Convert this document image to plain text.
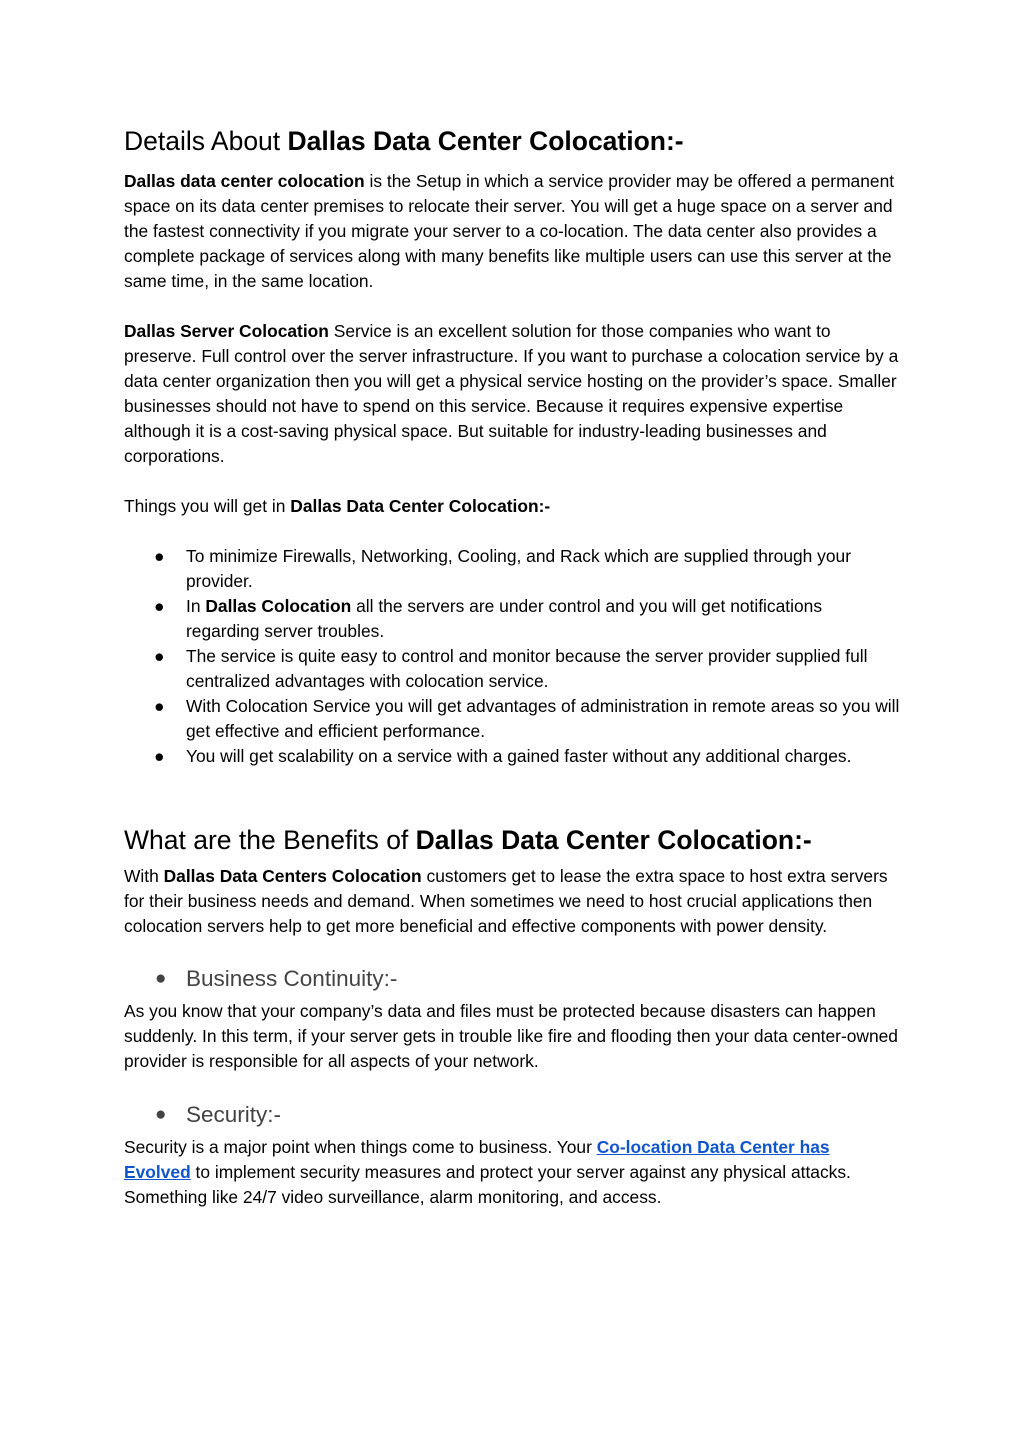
Details About Dallas Data Center Colocation:-

Dallas data center colocation is the Setup in which a service provider may be offered a permanent space on its data center premises to relocate their server. You will get a huge space on a server and the fastest connectivity if you migrate your server to a co-location. The data center also provides a complete package of services along with many benefits like multiple users can use this server at the same time, in the same location.

Dallas Server Colocation Service is an excellent solution for those companies who want to preserve. Full control over the server infrastructure. If you want to purchase a colocation service by a data center organization then you will get a physical service hosting on the provider’s space. Smaller businesses should not have to spend on this service. Because it requires expensive expertise although it is a cost-saving physical space. But suitable for industry-leading businesses and corporations.

Things you will get in Dallas Data Center Colocation:-

● To minimize Firewalls, Networking, Cooling, and Rack which are supplied through your provider.
● In Dallas Colocation all the servers are under control and you will get notifications regarding server troubles.
● The service is quite easy to control and monitor because the server provider supplied full centralized advantages with colocation service.
● With Colocation Service you will get advantages of administration in remote areas so you will get effective and efficient performance.
● You will get scalability on a service with a gained faster without any additional charges.
What are the Benefits of Dallas Data Center Colocation:-

With Dallas Data Centers Colocation customers get to lease the extra space to host extra servers for their business needs and demand. When sometimes we need to host crucial applications then colocation servers help to get more beneficial and effective components with power density.

● Business Continuity:-

As you know that your company’s data and files must be protected because disasters can happen suddenly. In this term, if your server gets in trouble like fire and flooding then your data center-owned provider is responsible for all aspects of your network.

● Security:-

Security is a major point when things come to business. Your Co-location Data Center has Evolved to implement security measures and protect your server against any physical attacks. Something like 24/7 video surveillance, alarm monitoring, and access.
